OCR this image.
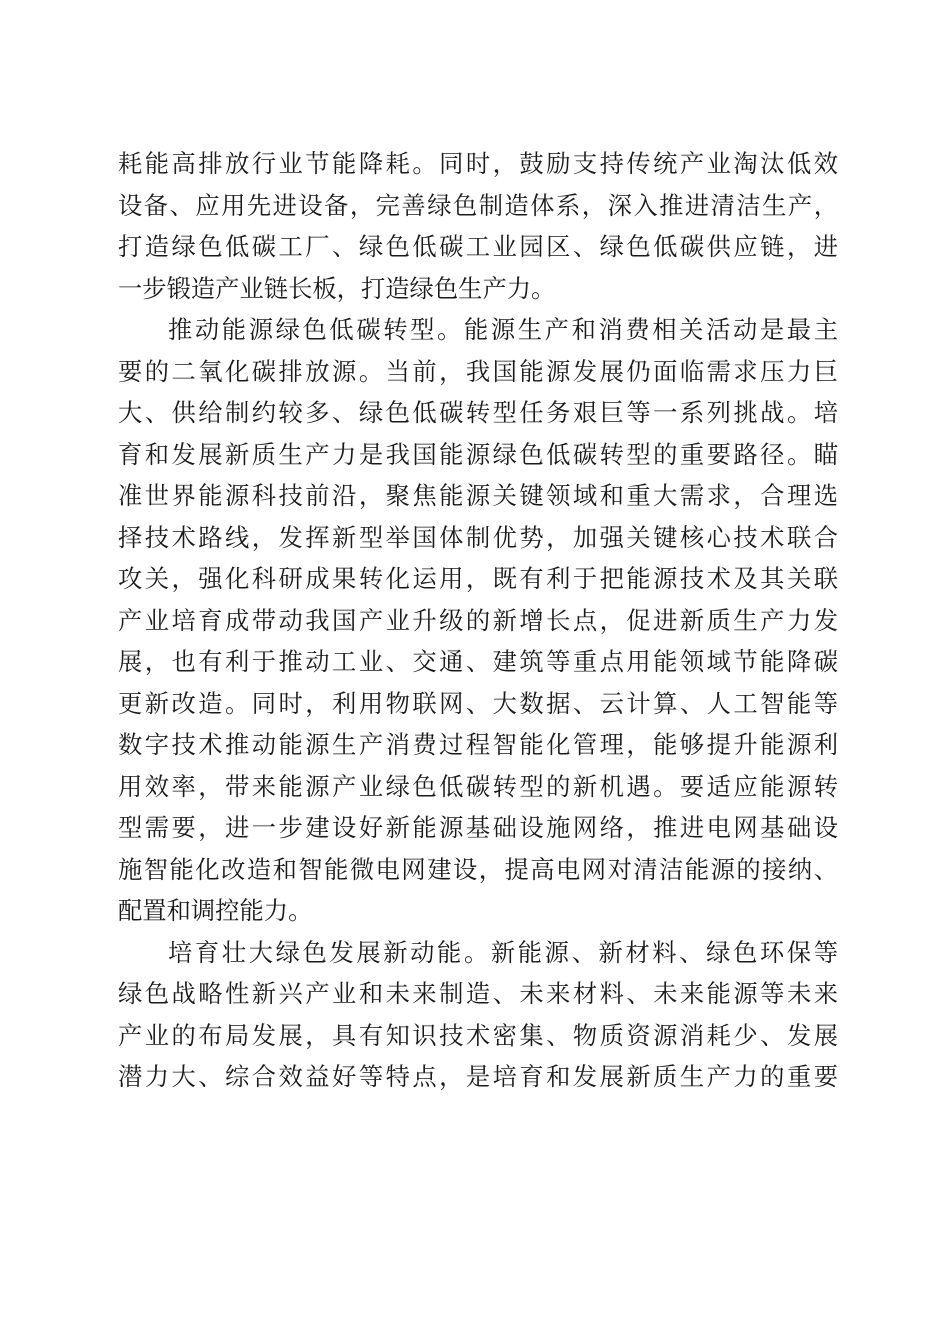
耗能高排放行业节能降耗。同时，鼓励支持传统产业淘汰低效
设备、应用先进设备，完善绿色制造体系，深入推进清洁生产，
打造绿色低碳工厂、绿色低碳工业园区、绿色低碳供应链，进
一步锻造产业链长板，打造绿色生产力。
推动能源绿色低碳转型。能源生产和消费相关活动是最主
要的二氧化碳排放源。当前，我国能源发展仍面临需求压力巨
大、供给制约较多、绿色低碳转型任务艰巨等一系列挑战。培
育和发展新质生产力是我国能源绿色低碳转型的重要路径。瞄
准世界能源科技前沿，聚焦能源关键领域和重大需求，合理选
择技术路线，发挥新型举国体制优势，加强关键核心技术联合
攻关，强化科研成果转化运用，既有利于把能源技术及其关联
产业培育成带动我国产业升级的新增长点，促进新质生产力发
展，也有利于推动工业、交通、建筑等重点用能领域节能降碳
更新改造。同时，利用物联网、大数据、云计算、人工智能等
数字技术推动能源生产消费过程智能化管理，能够提升能源利
用效率，带来能源产业绿色低碳转型的新机遇。要适应能源转
型需要，进一步建设好新能源基础设施网络，推进电网基础设
施智能化改造和智能微电网建设，提高电网对清洁能源的接纳、
配置和调控能力。
培育壮大绿色发展新动能。新能源、新材料、绿色环保等
绿色战略性新兴产业和未来制造、未来材料、未来能源等未来
产业的布局发展，具有知识技术密集、物质资源消耗少、发展
潜力大、综合效益好等特点，是培育和发展新质生产力的重要
